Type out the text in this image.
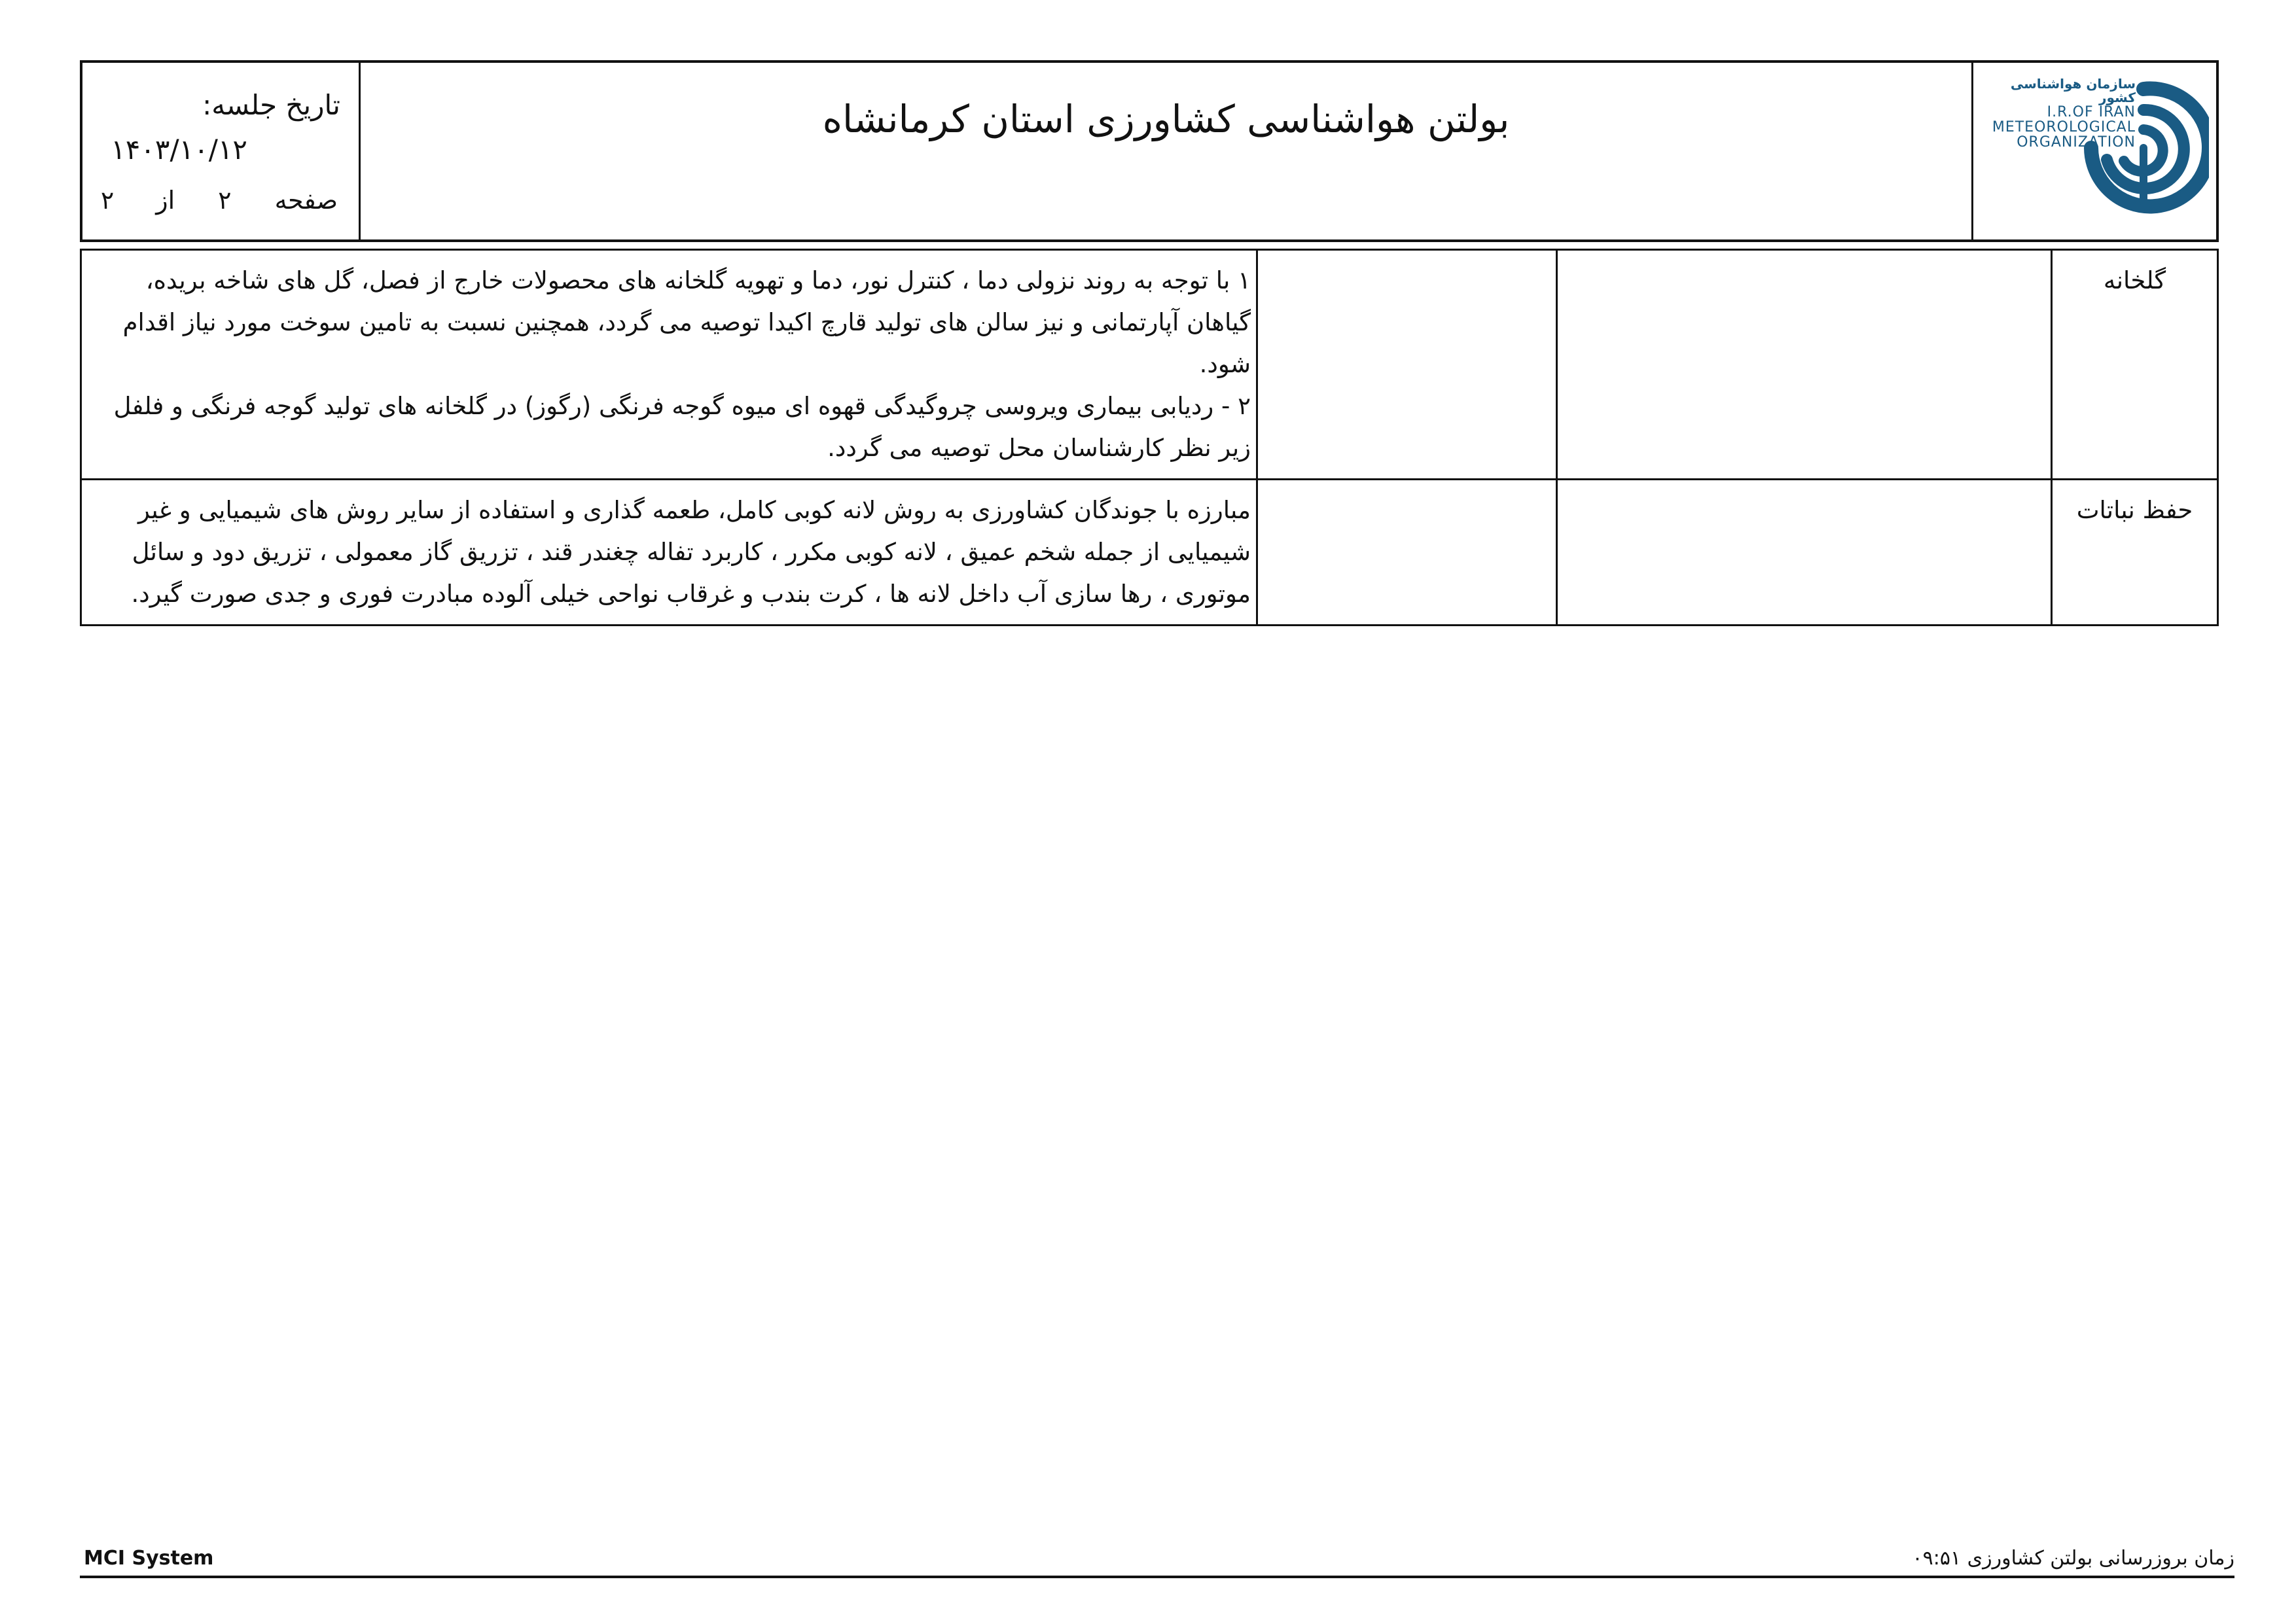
سازمان هواشناسی کشور
I.R.OF IRAN
METEOROLOGICAL
ORGANIZATION
بولتن هواشناسی کشاورزی استان کرمانشاه
تاریخ جلسه:
۱۴۰۳/۱۰/۱۲
صفحه
۲
از
۲
گلخانه			۱ با توجه به روند نزولی دما ، کنترل نور، دما و تهویه گلخانه های محصولات خارج از فصل، گل های شاخه بریده، گیاهان آپارتمانی و نیز سالن های تولید قارچ اکیدا توصیه می گردد، همچنین نسبت به تامین سوخت مورد نیاز اقدام شود.

۲ - ردیابی بیماری ویروسی چروگیدگی قهوه ای میوه گوجه فرنگی (رگوز) در گلخانه های تولید گوجه فرنگی و فلفل زیر نظر کارشناسان محل توصیه می گردد.

حفظ نباتات			مبارزه با جوندگان کشاورزی به روش لانه کوبی کامل، طعمه گذاری و استفاده از سایر روش های شیمیایی و غیر شیمیایی از جمله شخم عمیق ، لانه کوبی مکرر ، کاربرد تفاله چغندر قند ، تزریق گاز معمولی ، تزریق دود و سائل موتوری ، رها سازی آب داخل لانه ها ، کرت بندب و غرقاب نواحی خیلی آلوده مبادرت فوری و جدی صورت گیرد.

MCI System	زمان بروزرسانی بولتن کشاورزی ۰۹:۵۱
